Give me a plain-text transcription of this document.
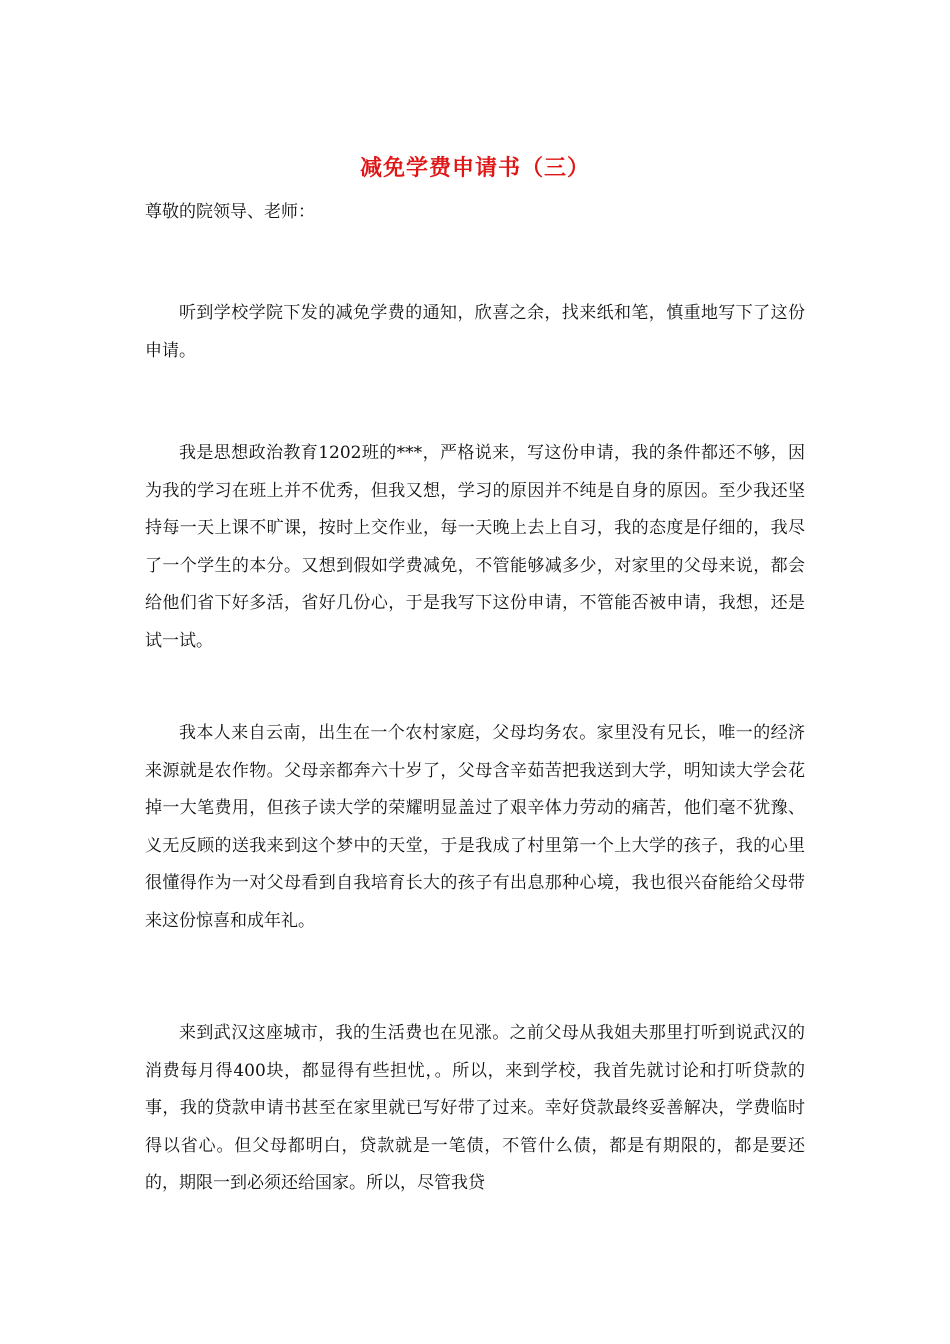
减免学费申请书（三）

尊敬的院领导、老师：

听到学校学院下发的减免学费的通知，欣喜之余，找来纸和笔，慎重地写下了这份申请。

我是思想政治教育1202班的***，严格说来，写这份申请，我的条件都还不够，因为我的学习在班上并不优秀，但我又想，学习的原因并不纯是自身的原因。至少我还坚持每一天上课不旷课，按时上交作业，每一天晚上去上自习，我的态度是仔细的，我尽了一个学生的本分。又想到假如学费减免，不管能够减多少，对家里的父母来说，都会给他们省下好多活，省好几份心，于是我写下这份申请，不管能否被申请，我想，还是试一试。

我本人来自云南，出生在一个农村家庭，父母均务农。家里没有兄长，唯一的经济来源就是农作物。父母亲都奔六十岁了，父母含辛茹苦把我送到大学，明知读大学会花掉一大笔费用，但孩子读大学的荣耀明显盖过了艰辛体力劳动的痛苦，他们毫不犹豫、义无反顾的送我来到这个梦中的天堂，于是我成了村里第一个上大学的孩子，我的心里很懂得作为一对父母看到自我培育长大的孩子有出息那种心境，我也很兴奋能给父母带来这份惊喜和成年礼。

来到武汉这座城市，我的生活费也在见涨。之前父母从我姐夫那里打听到说武汉的消费每月得400块，都显得有些担忧，。所以，来到学校，我首先就讨论和打听贷款的事，我的贷款申请书甚至在家里就已写好带了过来。幸好贷款最终妥善解决，学费临时得以省心。但父母都明白，贷款就是一笔债，不管什么债，都是有期限的，都是要还的，期限一到必须还给国家。所以，尽管我贷
